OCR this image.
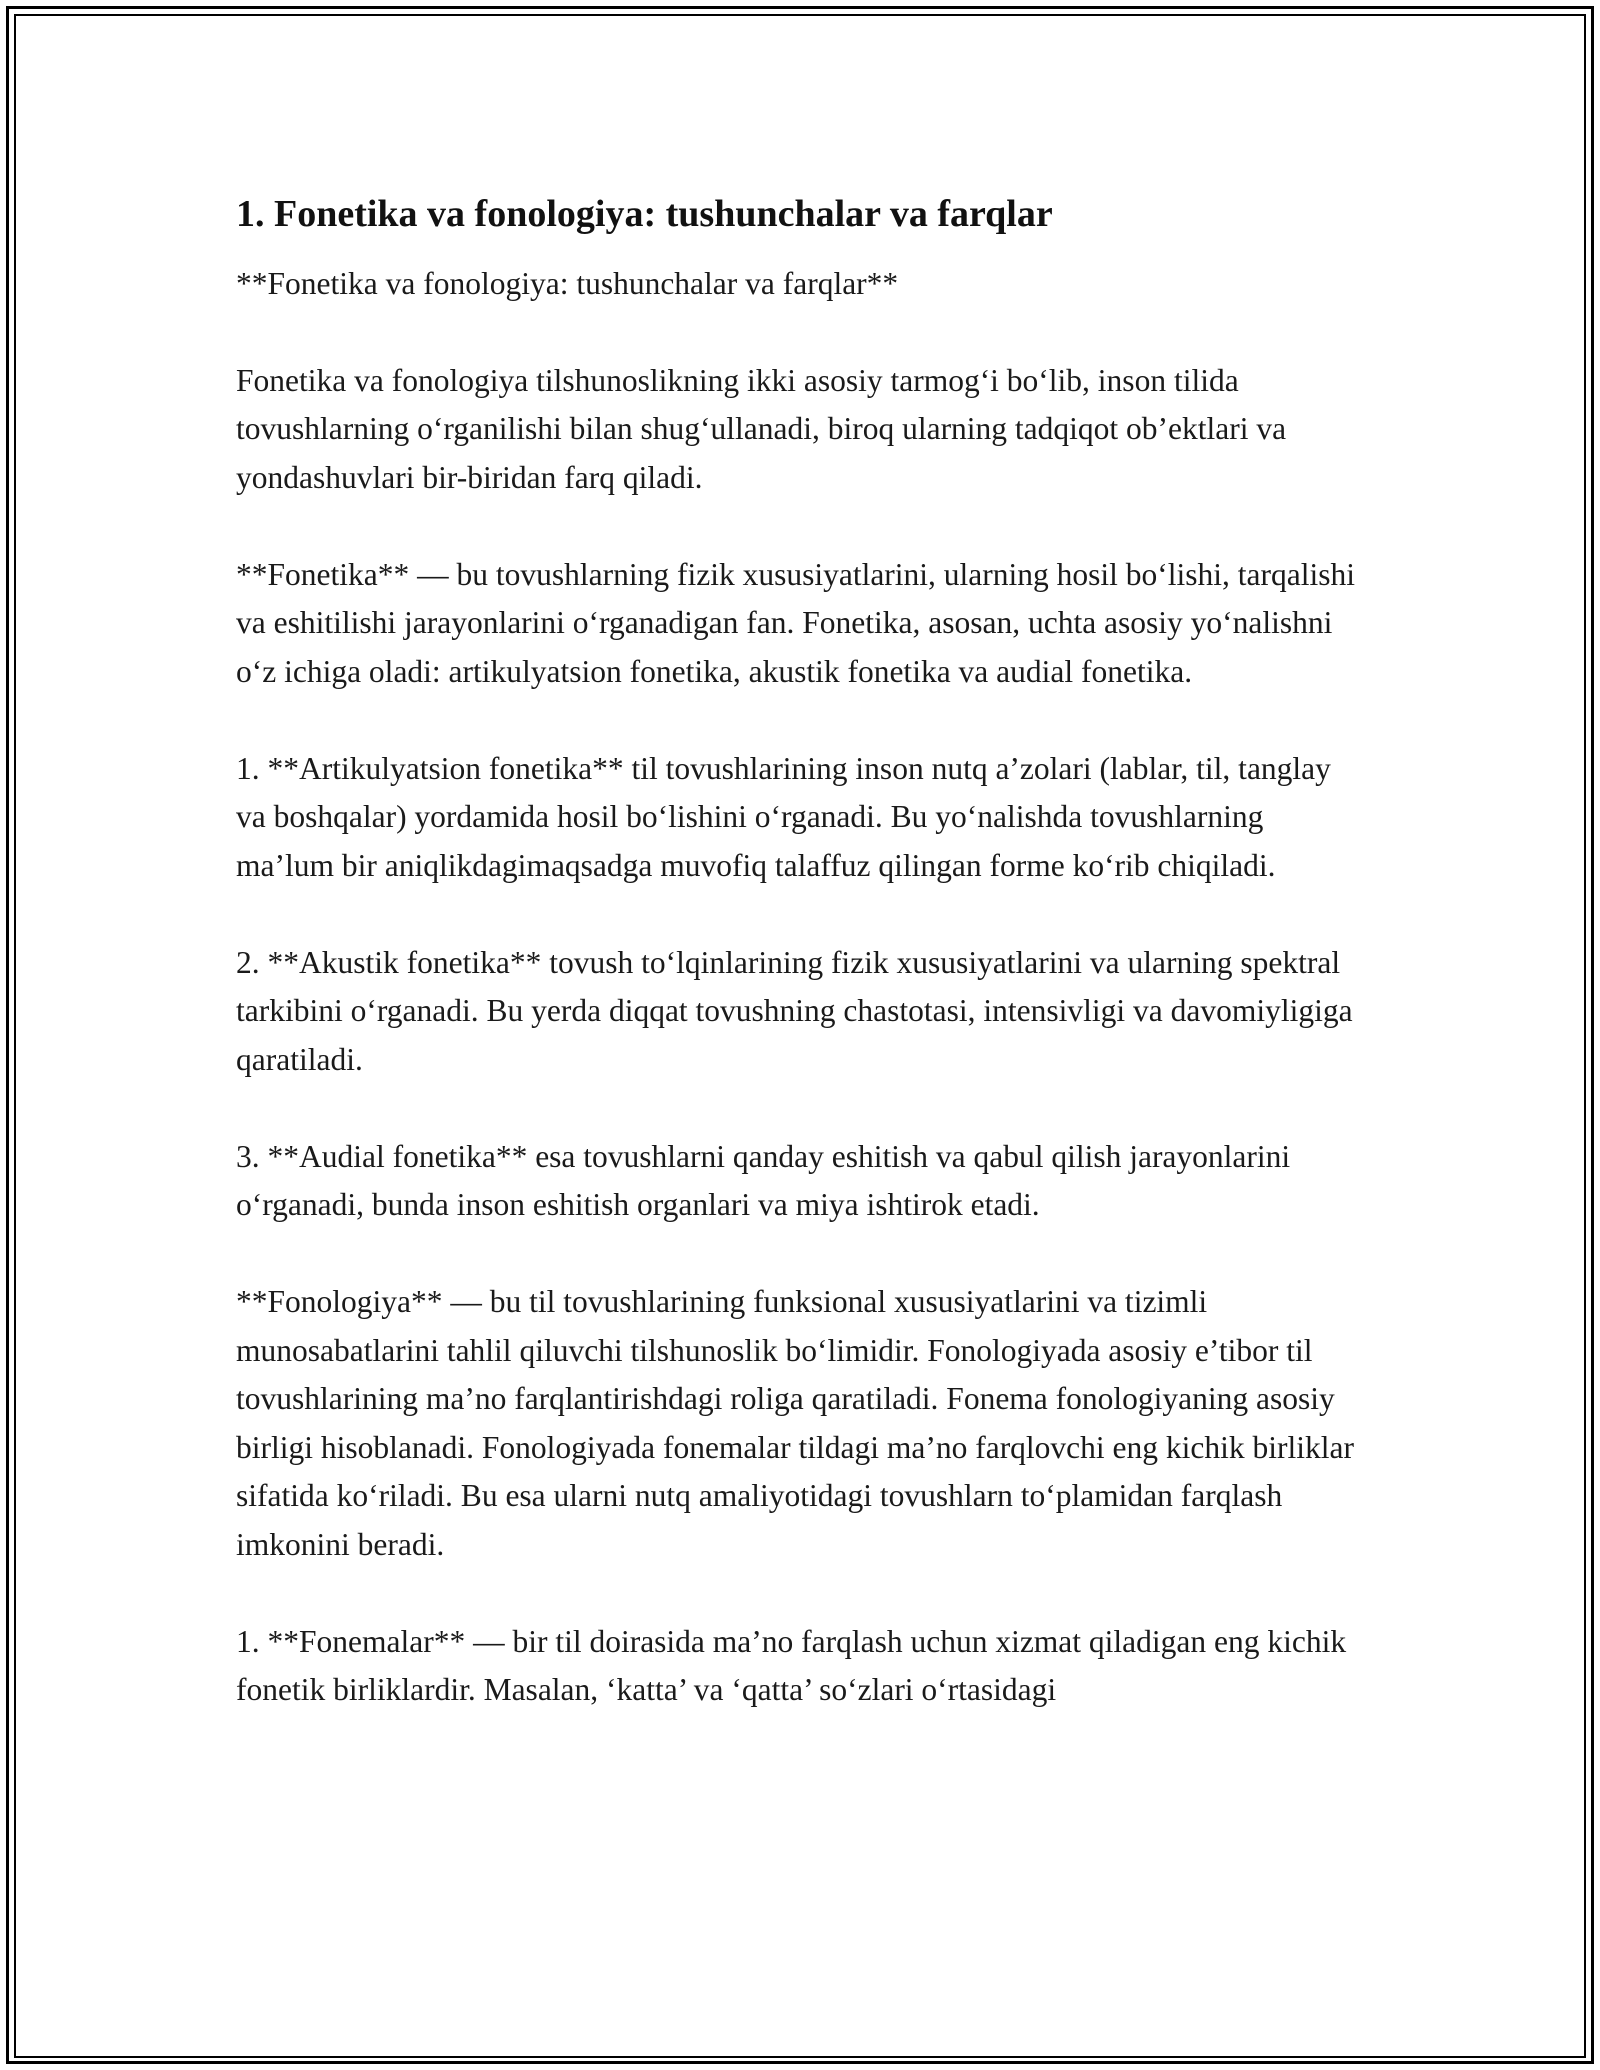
1. Fonetika va fonologiya: tushunchalar va farqlar

**Fonetika va fonologiya: tushunchalar va farqlar**

Fonetika va fonologiya tilshunoslikning ikki asosiy tarmog‘i bo‘lib, inson tilida tovushlarning o‘rganilishi bilan shug‘ullanadi, biroq ularning tadqiqot ob’ektlari va yondashuvlari bir-biridan farq qiladi.

**Fonetika** — bu tovushlarning fizik xususiyatlarini, ularning hosil bo‘lishi, tarqalishi va eshitilishi jarayonlarini o‘rganadigan fan. Fonetika, asosan, uchta asosiy yo‘nalishni o‘z ichiga oladi: artikulyatsion fonetika, akustik fonetika va audial fonetika.

1. **Artikulyatsion fonetika** til tovushlarining inson nutq a’zolari (lablar, til, tanglay va boshqalar) yordamida hosil bo‘lishini o‘rganadi. Bu yo‘nalishda tovushlarning ma’lum bir aniqlikdagimaqsadga muvofiq talaffuz qilingan forme ko‘rib chiqiladi.

2. **Akustik fonetika** tovush to‘lqinlarining fizik xususiyatlarini va ularning spektral tarkibini o‘rganadi. Bu yerda diqqat tovushning chastotasi, intensivligi va davomiyligiga qaratiladi.

3. **Audial fonetika** esa tovushlarni qanday eshitish va qabul qilish jarayonlarini o‘rganadi, bunda inson eshitish organlari va miya ishtirok etadi.

**Fonologiya** — bu til tovushlarining funksional xususiyatlarini va tizimli munosabatlarini tahlil qiluvchi tilshunoslik bo‘limidir. Fonologiyada asosiy e’tibor til tovushlarining ma’no farqlantirishdagi roliga qaratiladi. Fonema fonologiyaning asosiy birligi hisoblanadi. Fonologiyada fonemalar tildagi ma’no farqlovchi eng kichik birliklar sifatida ko‘riladi. Bu esa ularni nutq amaliyotidagi tovushlarn to‘plamidan farqlash imkonini beradi.

1. **Fonemalar** — bir til doirasida ma’no farqlash uchun xizmat qiladigan eng kichik fonetik birliklardir. Masalan, ‘katta’ va ‘qatta’ so‘zlari o‘rtasidagi
